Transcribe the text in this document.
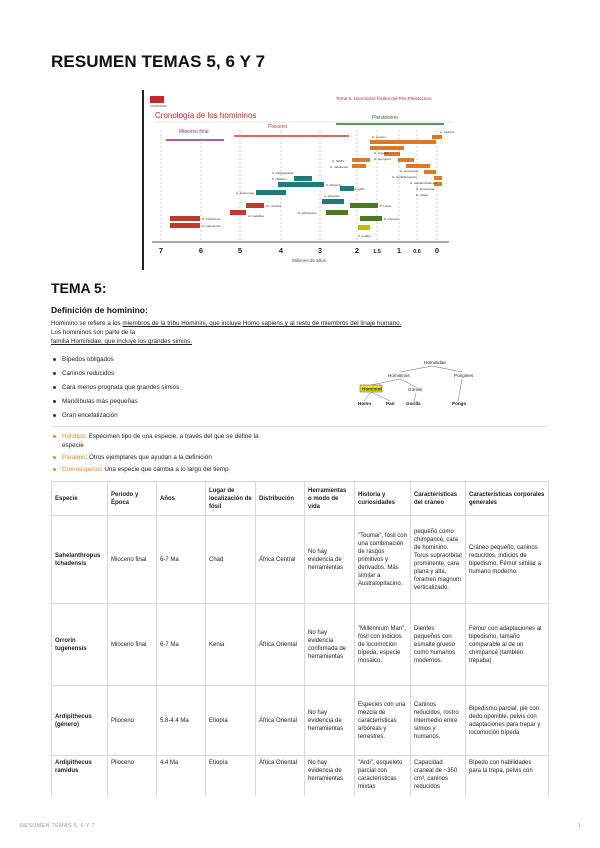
RESUMEN TEMAS 5, 6 Y 7
UNIVERSIDAD
Cronología de los homininos
Tema 5. Homínidos fósiles del Plio-Pleistoceno
Mioceno final
Plioceno
Pleistoceno
S. tchadensis
O. tugenensis
Ar. kadabba
Ar. ramidus
A. anamensis
A. afarensis
A. bahrelghazali
K. platyops
A. africanus
P. aethiopicus
A. garhi
P. boisei
P. robustus
H. habilis
H. rudolfensis
A. sediba
H. erectus
H. ergaster
H. georgicus
H. antecessor
H. heidelbergensis
H. neanderthalensis
H. sapiens
H. floresiensis
H. naledi
7	6	5	4	3	2	1.5 1 0.6 0
Millones de años
TEMA 5:
Definición de hominino:
Hominino se refiere a los miembros de la tribu Hominini, que incluye Homo sapiens y al resto de miembros del linaje humano.
Los homininos son parte de la
familia Hominidae, que incluye los grandes simios.
Bípedos obligados
Caninos reducidos
Cara menos prognata que grandes simios
Mandíbulas más pequeñas
Gran encefalización
Hominidae
Homininos	Pongines
Hominini	Gorilini
Homo	Pan	Gorilla	Pongo
Holotipo: Espécimen tipo de una especie, a través del que se define la especie
Paratipo: Otros ejemplares que ayudan a la definición
Cronoespecie: Una especie que cambia a lo largo del tiemp
Especie	Periodo y Época	Años	Lugar de localización de fósil	Distribución	Herramientas o modo de vida	Historia y curiosidades	Características del cráneo	Características corporales generales
Sahelanthropus tchadensis	Mioceno final	6-7 Ma	Chad	África Central	No hay evidencia de herramientas	"Toumai", fósil con una combinación de rasgos primitivos y derivados. Más similar a Australopitacino.	pequeño como chimpancé, cara de hominino. Torus supraorbital prominente, cara plana y alta, foramen magnum verticalizado.	Cráneo pequeño, caninos reducidos, indicios de bipedismo. Fémur similar a humano moderno.
Orrorin tugenensis	Mioceno final	6-7 Ma	Kenia	África Oriental	No hay evidencia confirmada de herramientas	"Millennium Man", fósil con indicios de locomoción bípeda, especie mosaico.	Dientes pequeños con esmalte grueso como humanos modernos.	Fémur con adaptaciones al bipedismo, tamaño comparable al de un chimpancé (también trepaba)
Ardipithecus (género)	Plioceno	5.8-4.4 Ma	Etiopía	África Oriental	No hay evidencia de herramientas	Especies con una mezcla de características arbóreas y terrestres.	Caninos reducidos, rostro intermedio entre simios y humanos.	Bipedismo parcial, pie con dedo oponible, pelvis con adaptaciones para trepar y locomoción bípeda
Ardipithecus ramidus	Plioceno	4.4 Ma	Etiopía	África Oriental	No hay evidencia de herramientas	"Ardi", esqueleto parcial con características mixtas	Capacidad craneal de ~350 cm³, caninos reducidos	Bípedo con habilidades para la trepa, pelvis con
RESUMEN TEMAS 5, 6 Y 7	1
